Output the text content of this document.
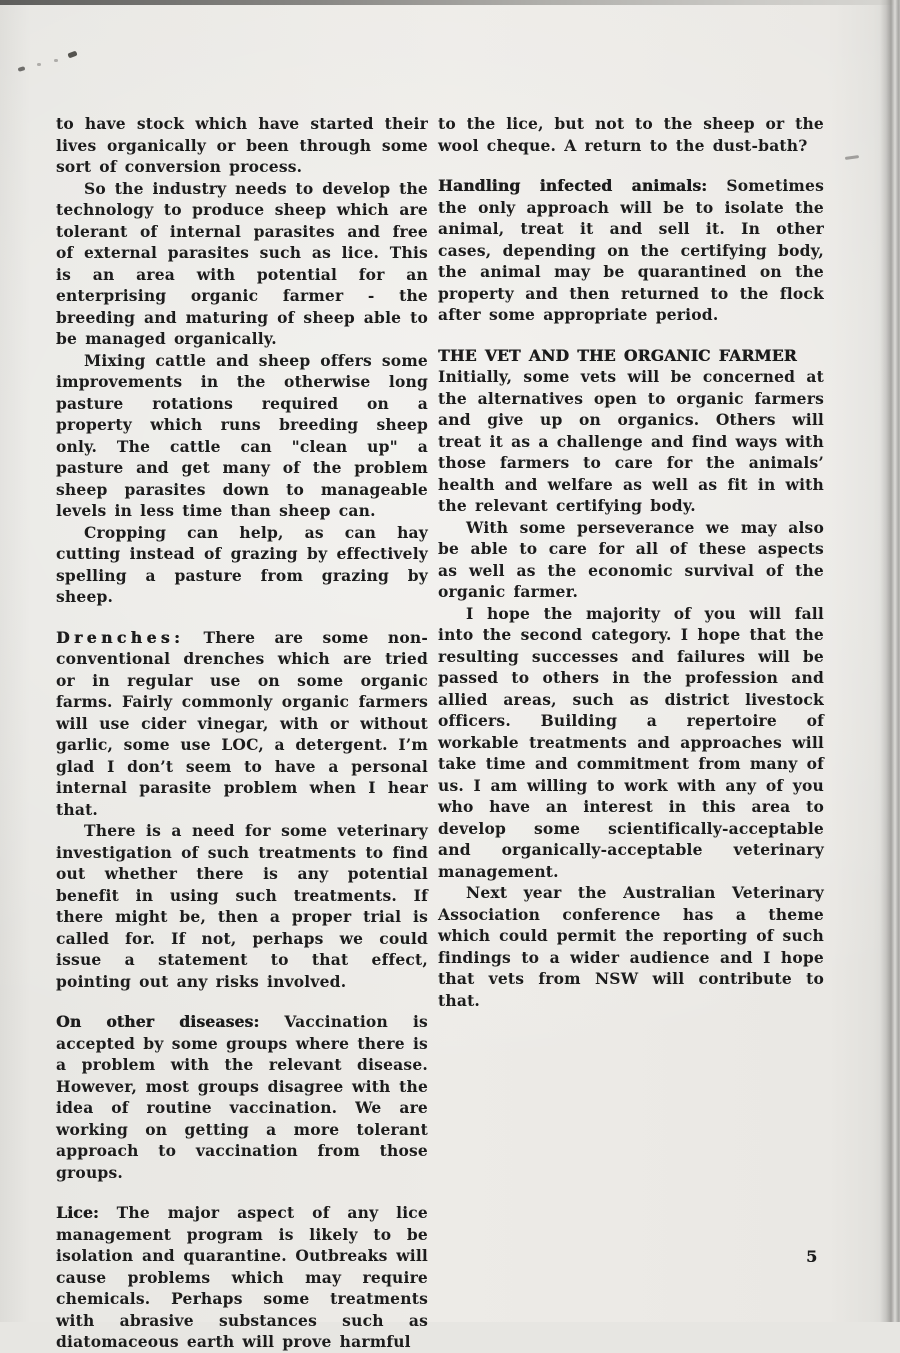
to have stock which have started their lives organically or been through some sort of conversion process.

So the industry needs to develop the technology to produce sheep which are tolerant of internal parasites and free of external parasites such as lice. This is an area with potential for an enterprising organic farmer - the breeding and maturing of sheep able to be managed organically.

Mixing cattle and sheep offers some improvements in the otherwise long pasture rotations required on a property which runs breeding sheep only. The cattle can "clean up" a pasture and get many of the problem sheep parasites down to manageable levels in less time than sheep can.

Cropping can help, as can hay cutting instead of grazing by effectively spelling a pasture from grazing by sheep.

Drenches: There are some non-conventional drenches which are tried or in regular use on some organic farms. Fairly commonly organic farmers will use cider vinegar, with or without garlic, some use LOC, a detergent. I’m glad I don’t seem to have a personal internal parasite problem when I hear that.

There is a need for some veterinary investigation of such treatments to find out whether there is any potential benefit in using such treatments. If there might be, then a proper trial is called for. If not, perhaps we could issue a statement to that effect, pointing out any risks involved.

On other diseases: Vaccination is accepted by some groups where there is a problem with the relevant disease. However, most groups disagree with the idea of routine vaccination. We are working on getting a more tolerant approach to vaccination from those groups.

Lice: The major aspect of any lice management program is likely to be isolation and quarantine. Outbreaks will cause problems which may require chemicals. Perhaps some treatments with abrasive substances such as diatomaceous earth will prove harmful

to the lice, but not to the sheep or the wool cheque. A return to the dust-bath?

Handling infected animals: Sometimes the only approach will be to isolate the animal, treat it and sell it. In other cases, depending on the certifying body, the animal may be quarantined on the property and then returned to the flock after some appropriate period.

THE VET AND THE ORGANIC FARMER

Initially, some vets will be concerned at the alternatives open to organic farmers and give up on organics. Others will treat it as a challenge and find ways with those farmers to care for the animals’ health and welfare as well as fit in with the relevant certifying body.

With some perseverance we may also be able to care for all of these aspects as well as the economic survival of the organic farmer.

I hope the majority of you will fall into the second category. I hope that the resulting successes and failures will be passed to others in the profession and allied areas, such as district livestock officers. Building a repertoire of workable treatments and approaches will take time and commitment from many of us. I am willing to work with any of you who have an interest in this area to develop some scientifically-acceptable and organically-acceptable veterinary management.

Next year the Australian Veterinary Association conference has a theme which could permit the reporting of such findings to a wider audience and I hope that vets from NSW will contribute to that.

5
